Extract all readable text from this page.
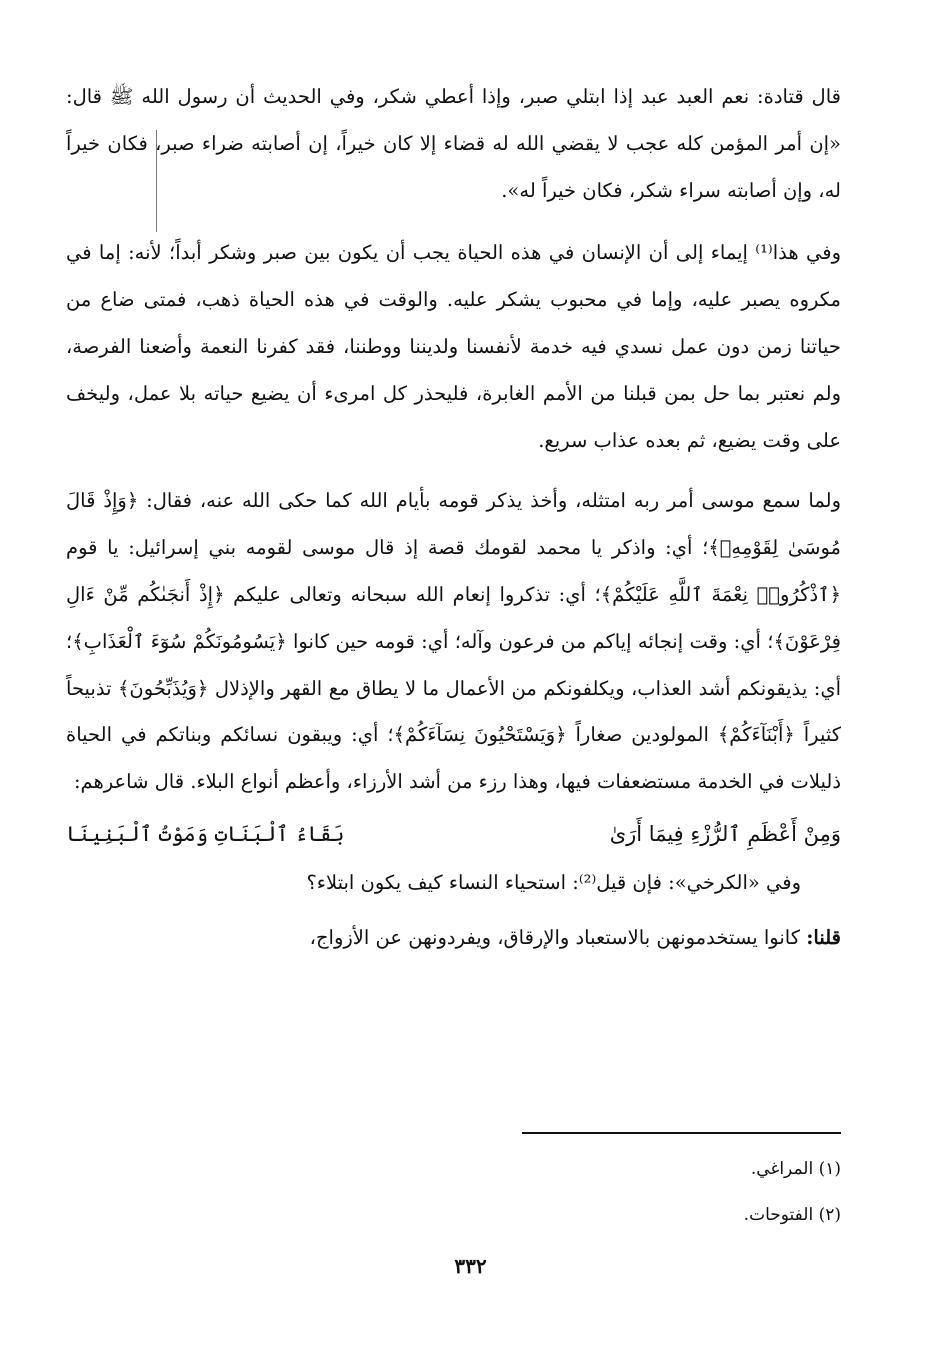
قال قتادة: نعم العبد عبد إذا ابتلي صبر، وإذا أعطي شكر، وفي الحديث أن رسول الله ﷺ قال: «إن أمر المؤمن كله عجب لا يقضي الله له قضاء إلا كان خيراً، إن أصابته ضراء صبر، فكان خيراً له، وإن أصابته سراء شكر، فكان خيراً له».

وفي هذا⁽¹⁾ إيماء إلى أن الإنسان في هذه الحياة يجب أن يكون بين صبر وشكر أبداً؛ لأنه: إما في مكروه يصبر عليه، وإما في محبوب يشكر عليه. والوقت في هذه الحياة ذهب، فمتى ضاع من حياتنا زمن دون عمل نسدي فيه خدمة لأنفسنا ولديننا ووطننا، فقد كفرنا النعمة وأضعنا الفرصة، ولم نعتبر بما حل بمن قبلنا من الأمم الغابرة، فليحذر كل امرىء أن يضيع حياته بلا عمل، وليخف على وقت يضيع، ثم بعده عذاب سريع.

ولما سمع موسى أمر ربه امتثله، وأخذ يذكر قومه بأيام الله كما حكى الله عنه، فقال: ﴿وَإِذْ قَالَ مُوسَىٰ لِقَوْمِهِۦ﴾؛ أي: واذكر يا محمد لقومك قصة إذ قال موسى لقومه بني إسرائيل: يا قوم ﴿ٱذْكُرُوا۟ نِعْمَةَ ٱللَّهِ عَلَيْكُمْ﴾؛ أي: تذكروا إنعام الله سبحانه وتعالى عليكم ﴿إِذْ أَنجَىٰكُم مِّنْ ءَالِ فِرْعَوْنَ﴾؛ أي: وقت إنجائه إياكم من فرعون وآله؛ أي: قومه حين كانوا ﴿يَسُومُونَكُمْ سُوٓءَ ٱلْعَذَابِ﴾؛ أي: يذيقونكم أشد العذاب، ويكلفونكم من الأعمال ما لا يطاق مع القهر والإذلال ﴿وَيُذَبِّحُونَ﴾ تذبيحاً كثيراً ﴿أَبْنَآءَكُمْ﴾ المولودين صغاراً ﴿وَيَسْتَحْيُونَ نِسَآءَكُمْ﴾؛ أي: ويبقون نسائكم وبناتكم في الحياة ذليلات في الخدمة مستضعفات فيها، وهذا رزء من أشد الأرزاء، وأعظم أنواع البلاء. قال شاعرهم:

وَمِنْ أَعْظَمِ ٱلرُّزْءِ فِيمَا أَرَىٰ
بَقَاءُ ٱلْبَنَاتِ وَمَوْتُ ٱلْبَنِينَا

وفي «الكرخي»: فإن قيل⁽²⁾: استحياء النساء كيف يكون ابتلاء؟

قلنا: كانوا يستخدمونهن بالاستعباد والإرقاق، ويفردونهن عن الأزواج،

(١) المراغي.
(٢) الفتوحات.
٣٣٢
